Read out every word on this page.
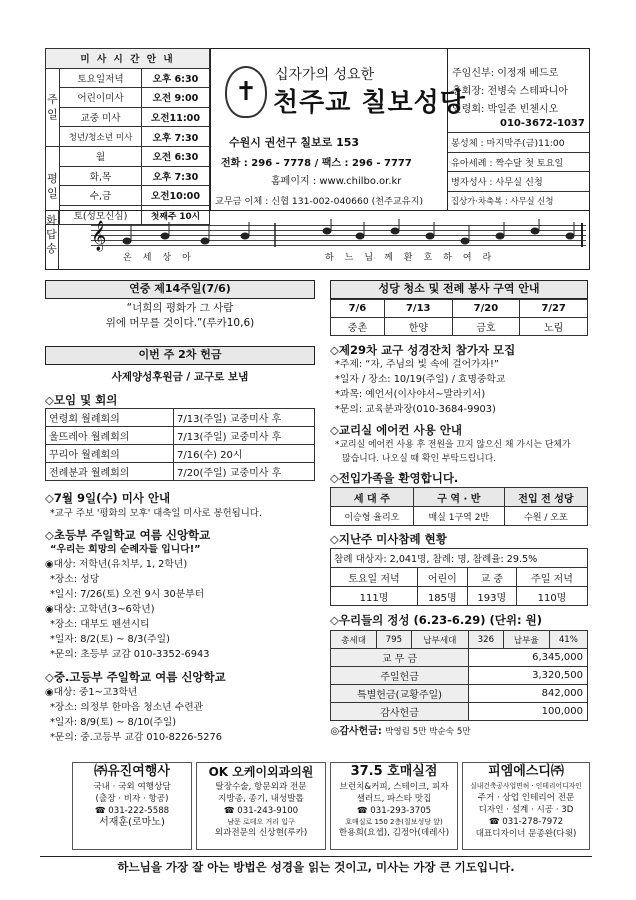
미 사 시 간 안 내		
주
일	토요일저녁	오후 6:30
	어린이미사	오전 9:00
	교중 미사	오전11:00
	청년/청소년 미사	오후 7:30
평
일	월	오전 6:30
	화,목	오후 7:30
	수,금	오전10:00
	토(성모신심)	첫째주 10시
✝
십자가의 성요한
천주교 칠보성당
수원시 권선구 칠보로 153
전화 : 296 - 7778 / 팩스 : 296 - 7777
홈페이지 : www.chilbo.or.kr
교무금 이체 : 신협 131-002-040660 (천주교유지)
주임신부: 이정재 베드로
총회장: 전병숙 스테파니아
연령회: 박일준 빈첸시오
010-3672-1037
봉성체 : 마지막주(금)11:00
유아세례 : 짝수달 첫 토요일
병자성사 : 사무실 신청
집상가·차축복 : 사무실 신청
화
답
송 𝄞
온세상아	하느님께환호하여라
연중 제14주일(7/6)
“너희의 평화가 그 사람
위에 머무를 것이다.”(루카10,6)
이번 주 2차 헌금
사제양성후원금 / 교구로 보냄
◇모임 및 회의
연령회 월례회의	7/13(주일) 교중미사 후
울뜨레아 월례회의	7/13(주일) 교중미사 후
꾸리아 월례회의	7/16(수) 20시
전례분과 월례회의	7/20(주일) 교중미사 후
◇7월 9일(수) 미사 안내
*교구 주보 '평화의 모후' 대축일 미사로 봉헌됩니다.
◇초등부 주일학교 여름 신앙학교
“우리는 희망의 순례자들 입니다!”
◉대상: 저학년(유치부, 1, 2학년)
*장소: 성당
*일시: 7/26(토) 오전 9시 30분부터
◉대상: 고학년(3~6학년)
*장소: 대부도 펜션시티
*일자: 8/2(토) ~ 8/3(주일)
*문의: 초등부 교감 010-3352-6943
◇중.고등부 주일학교 여름 신앙학교
◉대상: 중1~고3학년
*장소: 의정부 한마음 청소년 수련관
*일자: 8/9(토) ~ 8/10(주일)
*문의: 중.고등부 교감 010-8226-5276
성당 청소 및 전례 봉사 구역 안내
7/6	7/13	7/20	7/27
중촌	한양	금호	노림
◇제29차 교구 성경잔치 참가자 모집
*주제: “자, 주님의 빛 속에 걸어가자!”
*일자 / 장소: 10/19(주일) / 효명중학교
*과목: 예언서(이사야서~말라키서)
*문의: 교육분과장(010-3684-9903)
◇교리실 에어컨 사용 안내
*교리실 에어컨 사용 후 전원을 끄지 않으신 채 가시는 단체가
많습니다. 나오실 때 확인 부탁드립니다.
◇전입가족을 환영합니다.
세 대 주	구 역 · 반	전입 전 성당
이승형 율리오	매실 1구역 2반	수원 / 오포
◇지난주 미사참례 현황
참례 대상자: 2,041명, 참례: 명, 참례율: 29.5%			
토요일 저녁	어린이	교 중	주일 저녁
111명	185명	193명	110명
◇우리들의 정성 (6.23-6.29) (단위: 원)
총세대	795	납부세대	326	납부율	41%
교 무 금			6,345,000		
주일헌금			3,320,500		
특별헌금(교황주일)			842,000		
감사헌금			100,000		
◎감사헌금: 박영림 5만 박순숙 5만					
㈜유진여행사
국내 · 국외 여행상담
(출장 · 비자 · 항공)
☎ 031-222-5588
서재훈(로마노)
OK 오케이외과의원
탈장수술, 항문외과 전문
지방종, 종기, 내성발톱
☎ 031-243-9100
남문 로데오 거리 입구
외과전문의 신상현(루카)
37.5 호매실점
브런치&커피, 스테이크, 피자
샐러드, 파스타 맛집
☎ 031-293-3705
호매실로 150 2층(칠보성당 앞)
한용희(요셉), 김정아(데레사)
피엠에스디㈜
실내건축공사업면허 · 인테리어디자인
주거 · 상업 인테리어 전문
디자인 · 설계 · 시공 · 3D
☎ 031-278-7972
대표디자이너 문종완(다윗)
하느님을 가장 잘 아는 방법은 성경을 읽는 것이고, 미사는 가장 큰 기도입니다.
